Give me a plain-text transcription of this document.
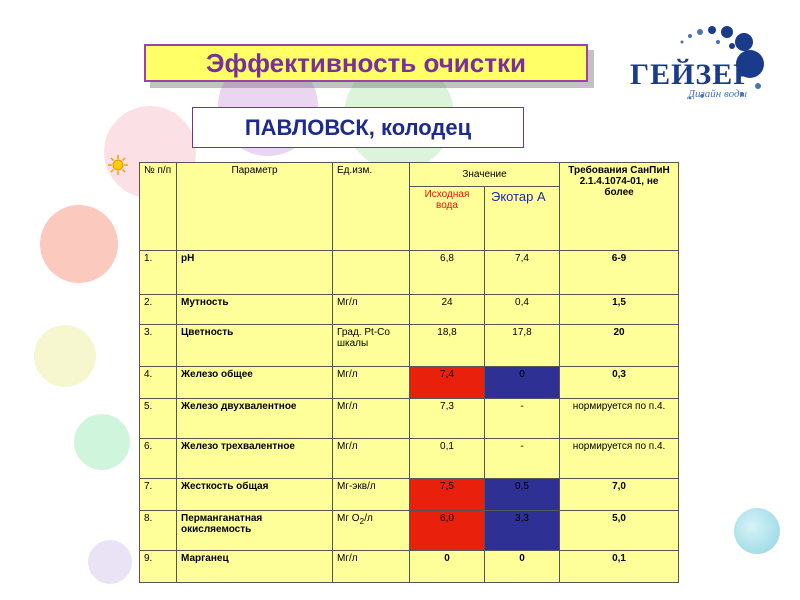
ГЕЙЗЕР
Дизайн воды
Эффективность очистки
ПАВЛОВСК, колодец
№ п/п	Параметр	Ед.изм.	Значение		Требования СанПиН 2.1.4.1074-01, не более
			Исходная вода	Экотар А	
1.	рН		6,8	7,4	6-9
2.	Мутность	Мг/л	24	0,4	1,5
3.	Цветность	Град. Pt-Co шкалы	18,8	17,8	20
4.	Железо общее	Мг/л	7,4	0	0,3
5.	Железо двухвалентное	Мг/л	7,3	-	нормируется по п.4.
6.	Железо трехвалентное	Мг/л	0,1	-	нормируется по п.4.
7.	Жесткость общая	Мг-экв/л	7,5	0,5	7,0
8.	Перманганатная окисляемость	Мг $О_2/л$	6,0	3,3	5,0
9.	Марганец	Мг/л	0	0	0,1
